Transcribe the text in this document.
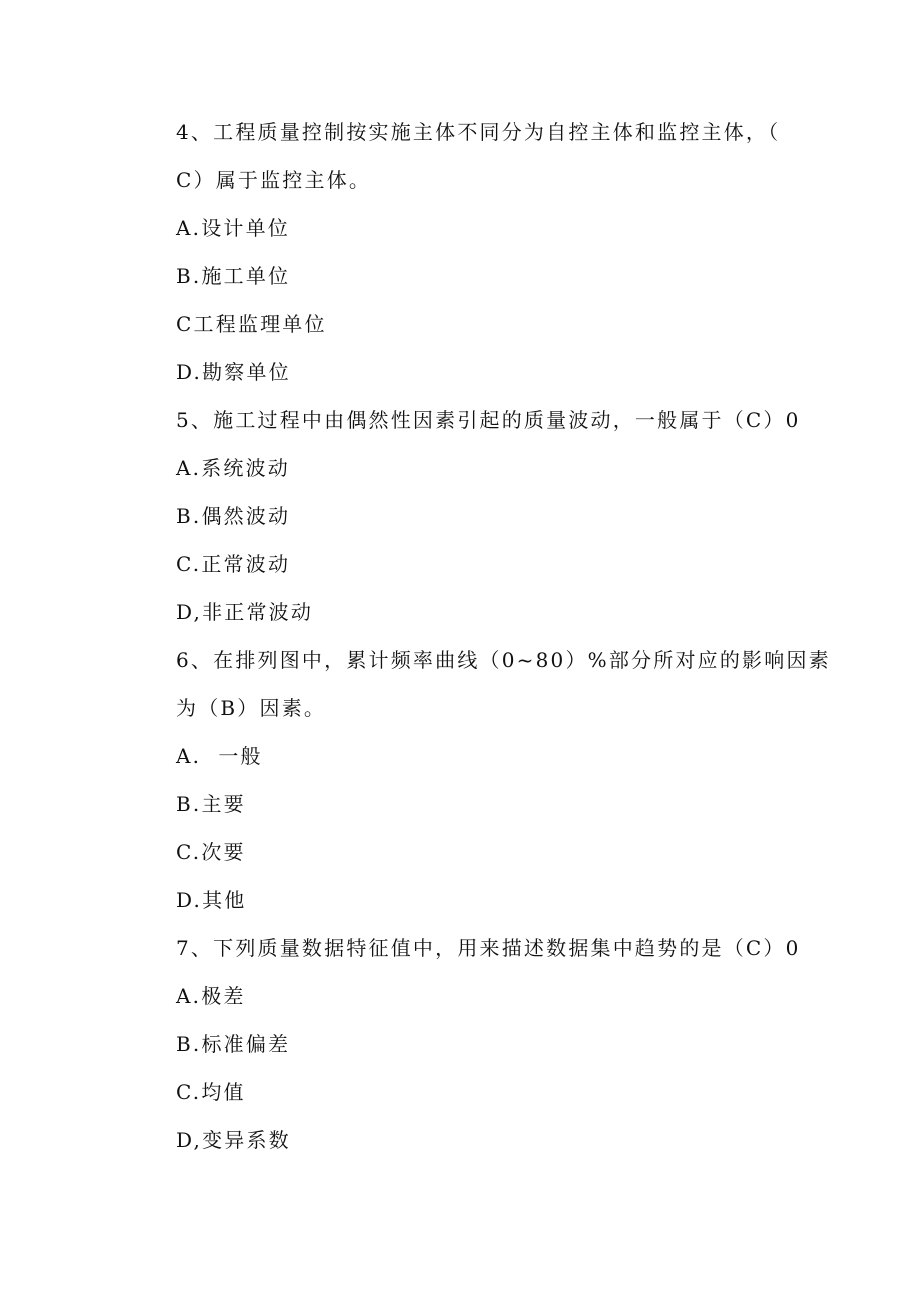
4、工程质量控制按实施主体不同分为自控主体和监控主体，（
C）属于监控主体。
A.设计单位
B.施工单位
C工程监理单位
D.勘察单位
5、施工过程中由偶然性因素引起的质量波动，一般属于（C）0
A.系统波动
B.偶然波动
C.正常波动
D,非正常波动
6、在排列图中，累计频率曲线（0~80）%部分所对应的影响因素
为（B）因素。
A.  一般
B.主要
C.次要
D.其他
7、下列质量数据特征值中，用来描述数据集中趋势的是（C）0
A.极差
B.标准偏差
C.均值
D,变异系数
